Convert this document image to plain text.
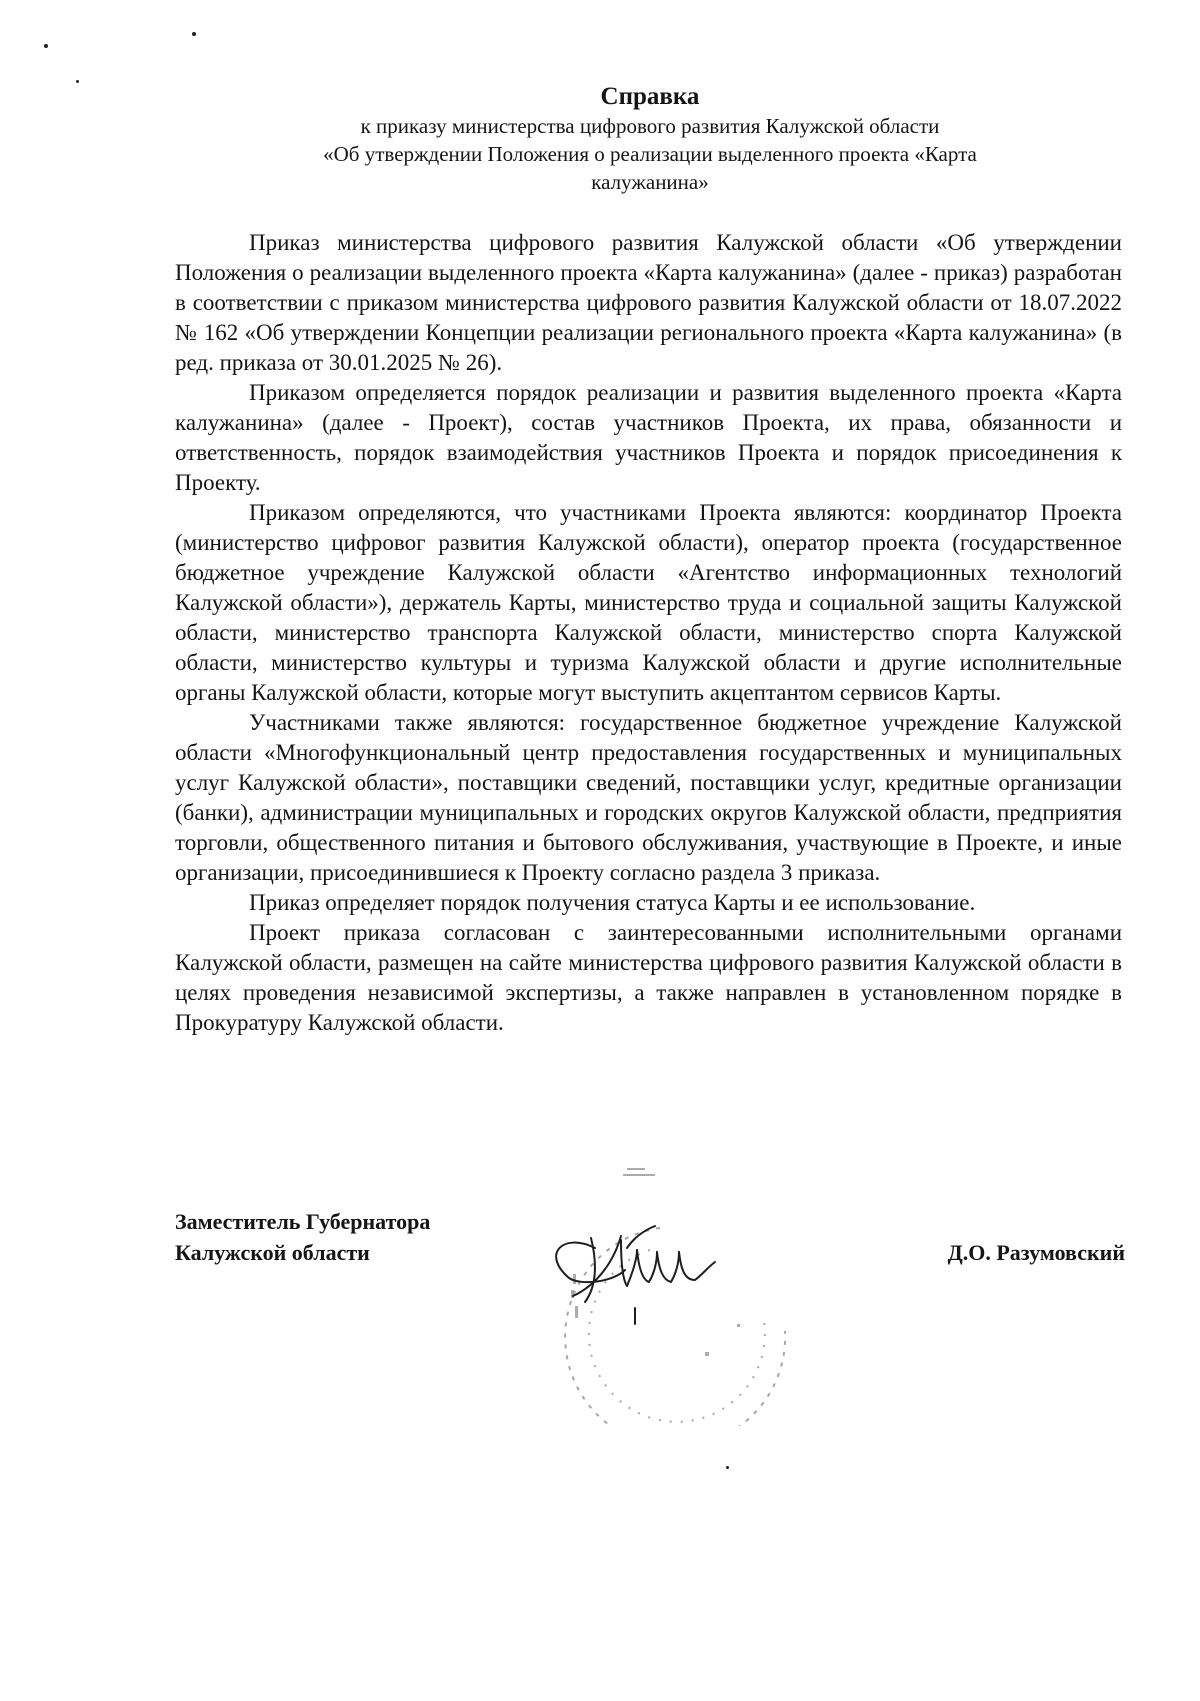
Справка

к приказу министерства цифрового развития Калужской области

«Об утверждении Положения о реализации выделенного проекта «Карта

калужанина»

Приказ министерства цифрового развития Калужской области «Об утверждении Положения о реализации выделенного проекта «Карта калужанина» (далее - приказ) разработан в соответствии с приказом министерства цифрового развития Калужской области от 18.07.2022 № 162 «Об утверждении Концепции реализации регионального проекта «Карта калужанина» (в ред. приказа от 30.01.2025 № 26).

Приказом определяется порядок реализации и развития выделенного проекта «Карта калужанина» (далее - Проект), состав участников Проекта, их права, обязанности и ответственность, порядок взаимодействия участников Проекта и порядок присоединения к Проекту.

Приказом определяются, что участниками Проекта являются: координатор Проекта (министерство цифровог развития Калужской области), оператор проекта (государственное бюджетное учреждение Калужской области «Агентство информационных технологий Калужской области»), держатель Карты, министерство труда и социальной защиты Калужской области, министерство транспорта Калужской области, министерство спорта Калужской области, министерство культуры и туризма Калужской области и другие исполнительные органы Калужской области, которые могут выступить акцептантом сервисов Карты.

Участниками также являются: государственное бюджетное учреждение Калужской области «Многофункциональный центр предоставления государственных и муниципальных услуг Калужской области», поставщики сведений, поставщики услуг, кредитные организации (банки), администрации муниципальных и городских округов Калужской области, предприятия торговли, общественного питания и бытового обслуживания, участвующие в Проекте, и иные организации, присоединившиеся к Проекту согласно раздела 3 приказа.

Приказ определяет порядок получения статуса Карты и ее использование.

Проект приказа согласован с заинтересованными исполнительными органами Калужской области, размещен на сайте министерства цифрового развития Калужской области в целях проведения независимой экспертизы, а также направлен в установленном порядке в Прокуратуру Калужской области.

Заместитель Губернатора
Калужской области	Д.О. Разумовский
